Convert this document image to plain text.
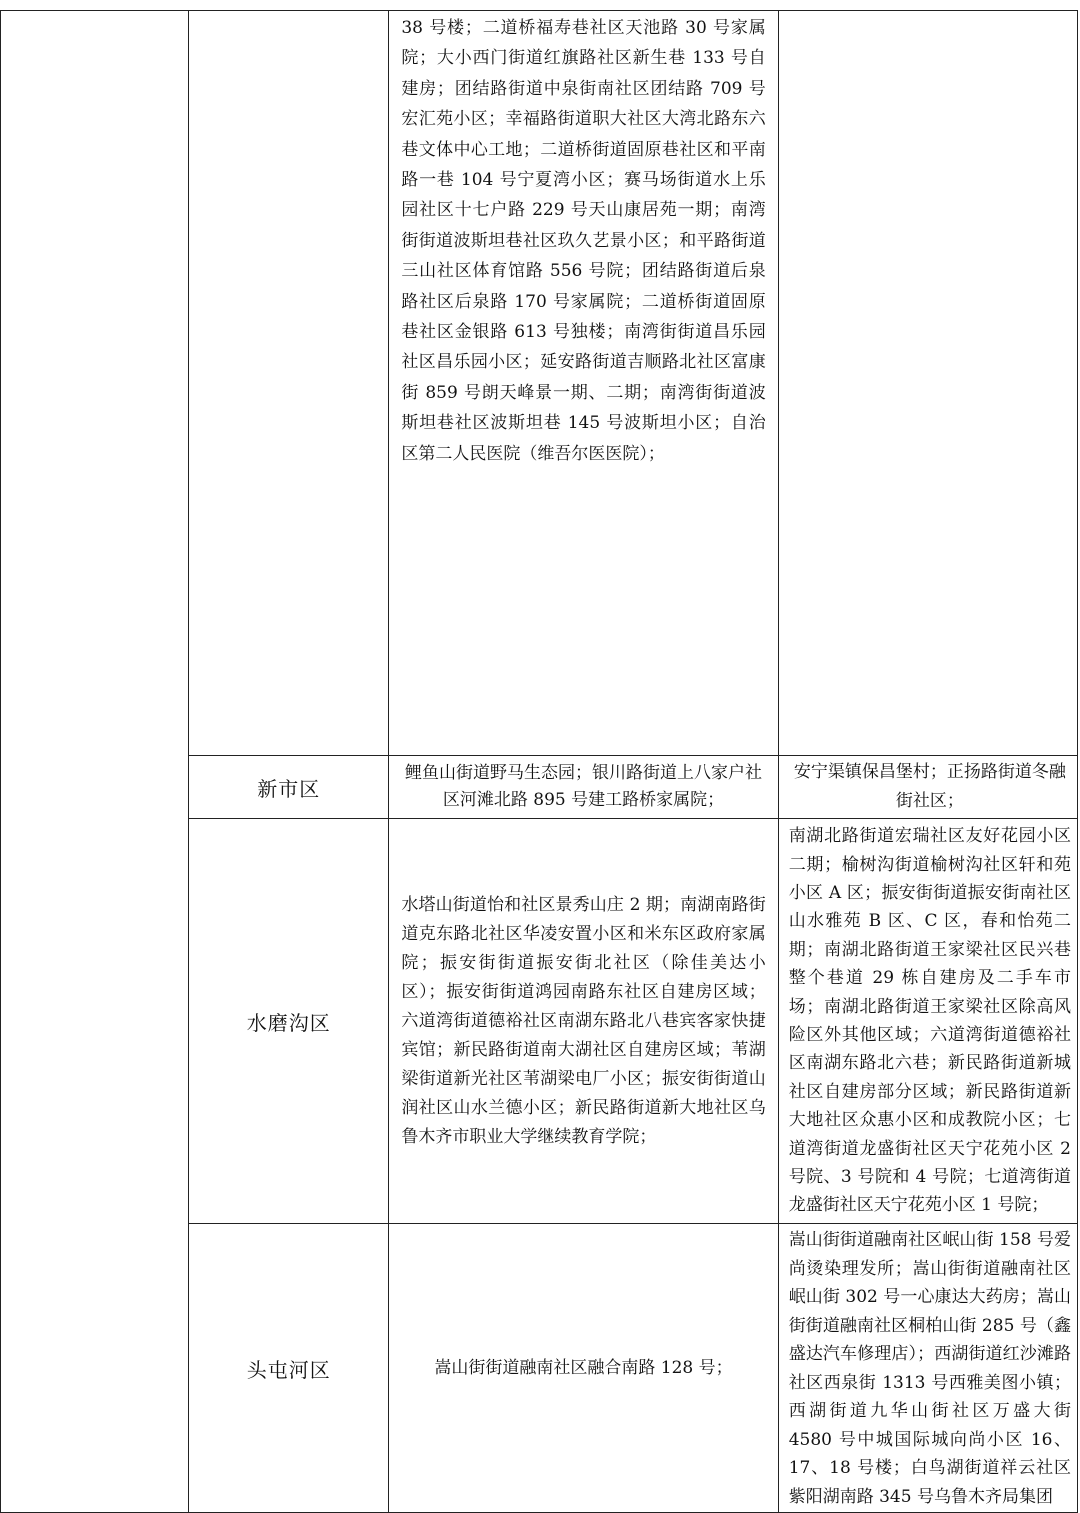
		38 号楼；二道桥福寿巷社区天池路 30 号家属院；大小西门街道红旗路社区新生巷 133 号自建房；团结路街道中泉街南社区团结路 709 号宏汇苑小区；幸福路街道职大社区大湾北路东六巷文体中心工地；二道桥街道固原巷社区和平南路一巷 104 号宁夏湾小区；赛马场街道水上乐园社区十七户路 229 号天山康居苑一期；南湾街街道波斯坦巷社区玖久艺景小区；和平路街道三山社区体育馆路 556 号院；团结路街道后泉路社区后泉路 170 号家属院；二道桥街道固原巷社区金银路 613 号独楼；南湾街街道昌乐园社区昌乐园小区；延安路街道吉顺路北社区富康街 859 号朗天峰景一期、二期；南湾街街道波斯坦巷社区波斯坦巷 145 号波斯坦小区；自治区第二人民医院（维吾尔医医院）；	
	新市区	鲤鱼山街道野马生态园；银川路街道上八家户社区河滩北路 895 号建工路桥家属院；	安宁渠镇保昌堡村；正扬路街道冬融街社区；
	水磨沟区	水塔山街道怡和社区景秀山庄 2 期；南湖南路街道克东路北社区华凌安置小区和米东区政府家属院；振安街街道振安街北社区（除佳美达小区）；振安街街道鸿园南路东社区自建房区域；六道湾街道德裕社区南湖东路北八巷宾客家快捷宾馆；新民路街道南大湖社区自建房区域；苇湖梁街道新光社区苇湖梁电厂小区；振安街街道山润社区山水兰德小区；新民路街道新大地社区乌鲁木齐市职业大学继续教育学院；	南湖北路街道宏瑞社区友好花园小区二期；榆树沟街道榆树沟社区轩和苑小区 A 区；振安街街道振安街南社区山水雅苑 B 区、C 区，春和怡苑二期；南湖北路街道王家梁社区民兴巷整个巷道 29 栋自建房及二手车市场；南湖北路街道王家梁社区除高风险区外其他区域；六道湾街道德裕社区南湖东路北六巷；新民路街道新城社区自建房部分区域；新民路街道新大地社区众惠小区和成教院小区；七道湾街道龙盛街社区天宁花苑小区 2 号院、3 号院和 4 号院；七道湾街道龙盛街社区天宁花苑小区 1 号院；
	头屯河区	嵩山街街道融南社区融合南路 128 号；	嵩山街街道融南社区岷山街 158 号爱尚烫染理发所；嵩山街街道融南社区岷山街 302 号一心康达大药房；嵩山街街道融南社区桐柏山街 285 号（鑫盛达汽车修理店）；西湖街道红沙滩路社区西泉街 1313 号西雅美图小镇；西湖街道九华山街社区万盛大街 4580 号中城国际城向尚小区 16、17、18 号楼；白鸟湖街道祥云社区紫阳湖南路 345 号乌鲁木齐局集团
